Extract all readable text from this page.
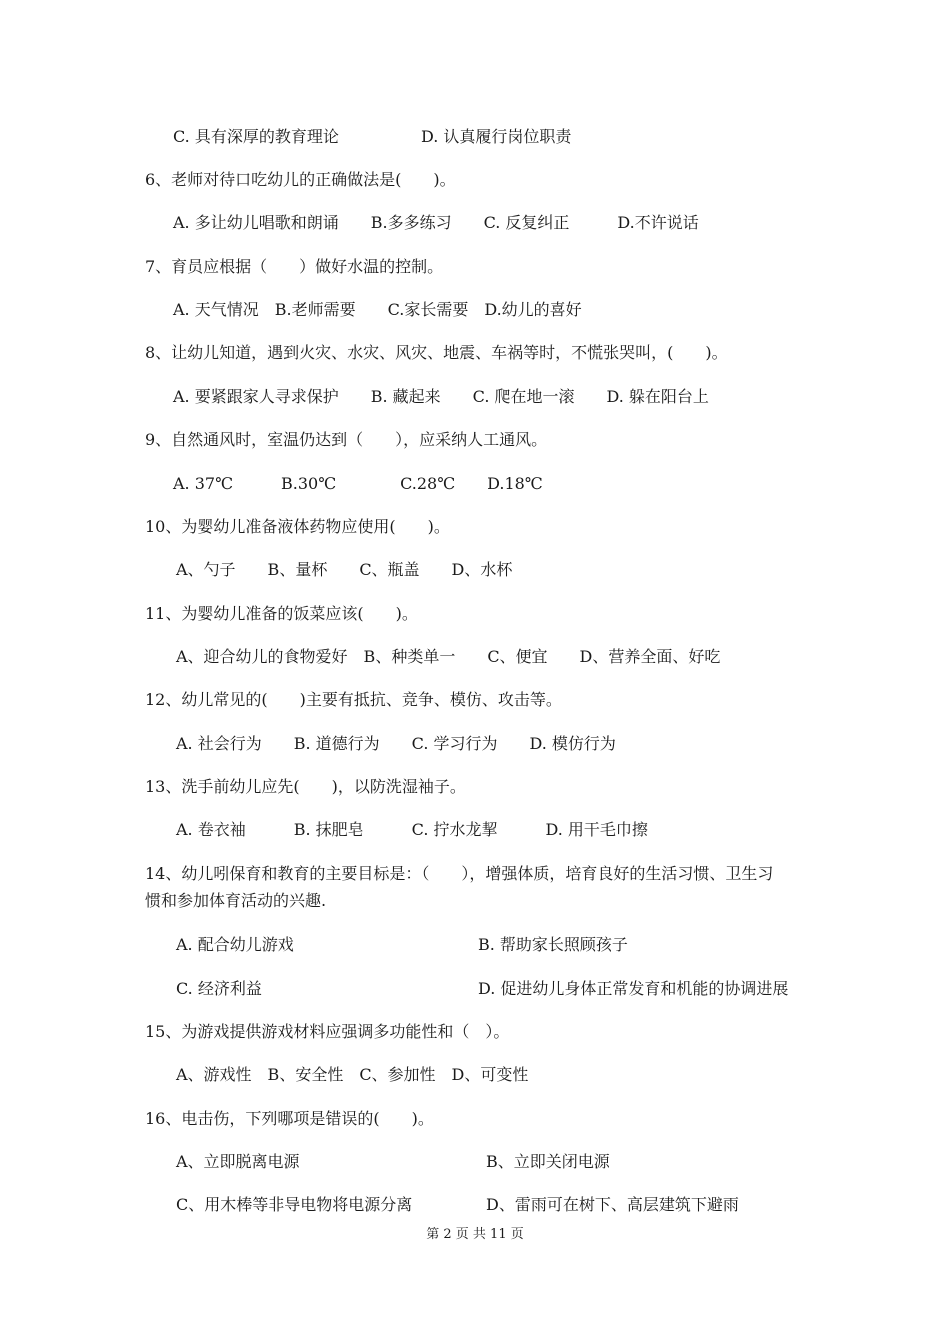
C. 具有深厚的教育理论	D. 认真履行岗位职责
6、老师对待口吃幼儿的正确做法是(　　)。
A. 多让幼儿唱歌和朗诵　　B.多多练习　　C. 反复纠正　　　D.不许说话
7、育员应根据（　　）做好水温的控制。
A. 天气情况　B.老师需要　　C.家长需要　D.幼儿的喜好
8、让幼儿知道，遇到火灾、水灾、风灾、地震、车祸等时，不慌张哭叫，(　　)。
A. 要紧跟家人寻求保护　　B. 藏起来　　C. 爬在地一滚　　D. 躲在阳台上
9、自然通风时，室温仍达到（　　），应采纳人工通风。
A. 37℃　　　B.30℃　　　　C.28℃　　D.18℃
10、为婴幼儿准备液体药物应使用(　　)。
A、勺子　　B、量杯　　C、瓶盖　　D、水杯
11、为婴幼儿准备的饭菜应该(　　)。
A、迎合幼儿的食物爱好　B、种类单一　　C、便宜　　D、营养全面、好吃
12、幼儿常见的(　　)主要有抵抗、竞争、模仿、攻击等。
A. 社会行为　　B. 道德行为　　C. 学习行为　　D. 模仿行为
13、洗手前幼儿应先(　　)，以防洗湿袖子。
A. 卷衣袖　　　B. 抹肥皂　　　C. 拧水龙挈　　　D. 用干毛巾擦
14、幼儿吲保育和教育的主要目标是：（　　），增强体质，培育良好的生活习惯、卫生习
惯和参加体育活动的兴趣.
A. 配合幼儿游戏	B. 帮助家长照顾孩子
C. 经济利益	D. 促进幼儿身体正常发育和机能的协调进展
15、为游戏提供游戏材料应强调多功能性和（　）。
A、游戏性　B、安全性　C、参加性　D、可变性
16、电击伤，下列哪项是错误的(　　)。
A、立即脱离电源	B、立即关闭电源
C、用木棒等非导电物将电源分离	D、雷雨可在树下、高层建筑下避雨
第 2 页 共 11 页
